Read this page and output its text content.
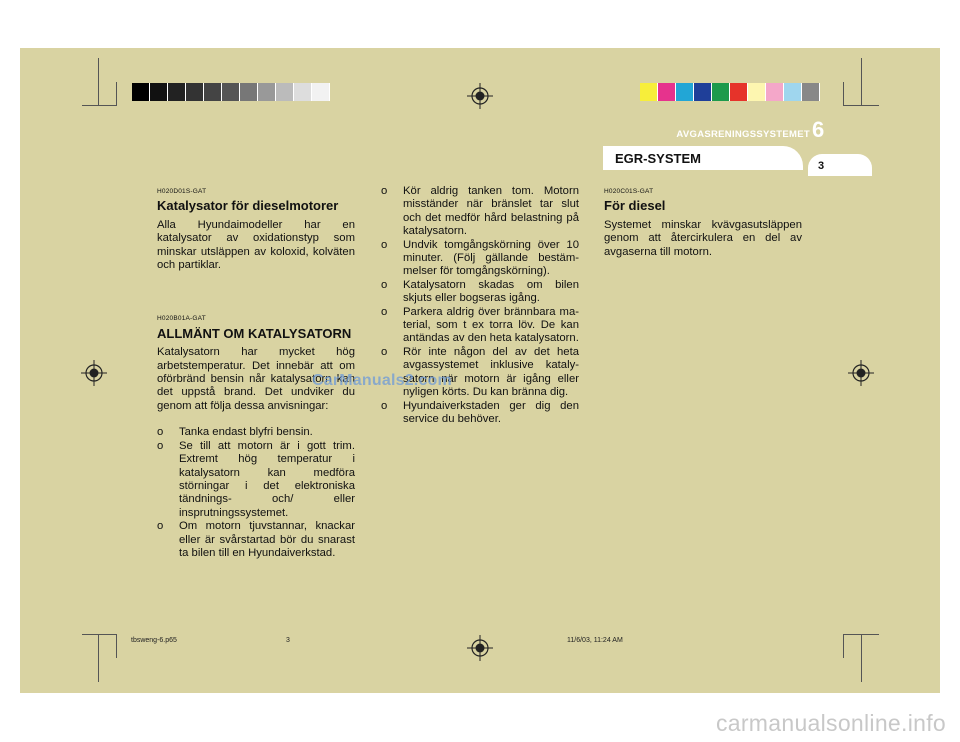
AVGASRENINGSSYSTEMET 6
EGR-SYSTEM	3
H020D01S-GAT
Katalysator för dieselmotorer
Alla Hyundaimodeller har en katalysator av oxidationstyp som minskar utsläppen av koloxid, kolväten och partiklar.
H020B01A-GAT
ALLMÄNT OM KATALYSATORN
Katalysatorn har mycket hög arbetstemperatur. Det innebär att om oförbränd bensin når katalysatorn kan det uppstå brand. Det undviker du genom att följa dessa anvisningar:
o Tanka endast blyfri bensin.
o Se till att motorn är i gott trim. Extremt hög temperatur i katalysatorn kan medföra störningar i det elektroniska tändnings- och/ eller insprutningssystemet.
o Om motorn tjuvstannar, knackar eller är svårstartad bör du snarast ta bilen till en Hyundaiverkstad.
o Kör aldrig tanken tom. Motorn misständer när bränslet tar slut och det medför hård belastning på katalysatorn.
o Undvik tomgångskörning över 10 minuter. (Följ gällande bestäm- melser för tomgångskörning).
o Katalysatorn skadas om bilen skjuts eller bogseras igång.
o Parkera aldrig över brännbara ma- terial, som t ex torra löv. De kan antändas av den heta katalysatorn.
o Rör inte någon del av det heta avgassystemet inklusive kataly- satorn när motorn är igång eller nyligen körts. Du kan bränna dig.
o Hyundaiverkstaden ger dig den service du behöver.
H020C01S-GAT
För diesel
Systemet minskar kvävgasutsläppen genom att återcirkulera en del av avgaserna till motorn.
CarManuals2.com
tbsweng-6.p65	3	11/6/03, 11:24 AM
carmanualsonline.info
